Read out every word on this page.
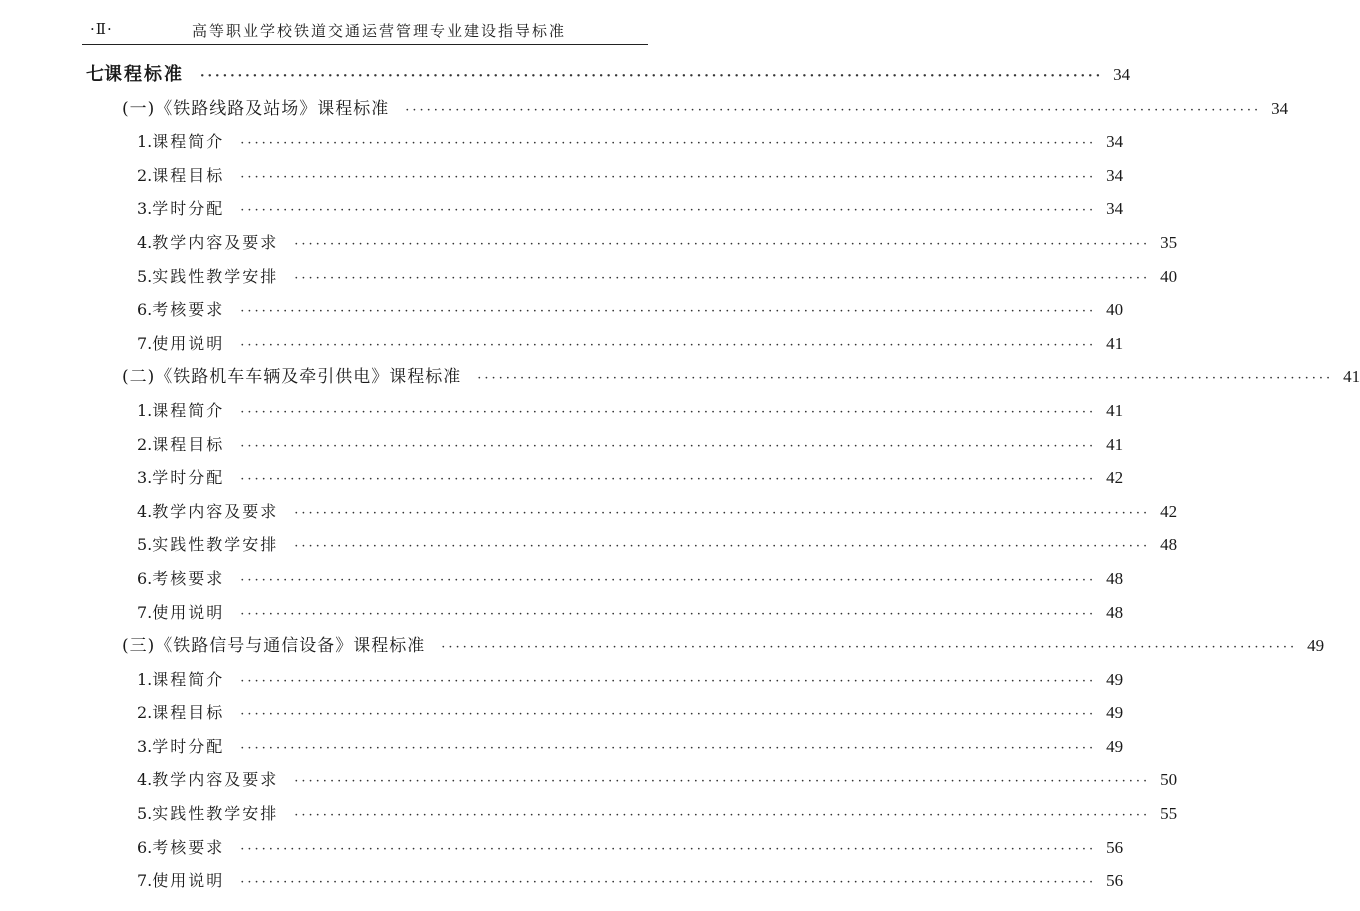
·Ⅱ·	高等职业学校铁道交通运营管理专业建设指导标准
七 课程标准 ························································································································ 34
(一)《铁路线路及站场》课程标准 ························································································································ 34
1. 课程简介 ························································································································ 34
2. 课程目标 ························································································································ 34
3. 学时分配 ························································································································ 34
4. 教学内容及要求 ························································································································ 35
5. 实践性教学安排 ························································································································ 40
6. 考核要求 ························································································································ 40
7. 使用说明 ························································································································ 41
(二)《铁路机车车辆及牵引供电》课程标准 ························································································································ 41
1. 课程简介 ························································································································ 41
2. 课程目标 ························································································································ 41
3. 学时分配 ························································································································ 42
4. 教学内容及要求 ························································································································ 42
5. 实践性教学安排 ························································································································ 48
6. 考核要求 ························································································································ 48
7. 使用说明 ························································································································ 48
(三)《铁路信号与通信设备》课程标准 ························································································································ 49
1. 课程简介 ························································································································ 49
2. 课程目标 ························································································································ 49
3. 学时分配 ························································································································ 49
4. 教学内容及要求 ························································································································ 50
5. 实践性教学安排 ························································································································ 55
6. 考核要求 ························································································································ 56
7. 使用说明 ························································································································ 56
